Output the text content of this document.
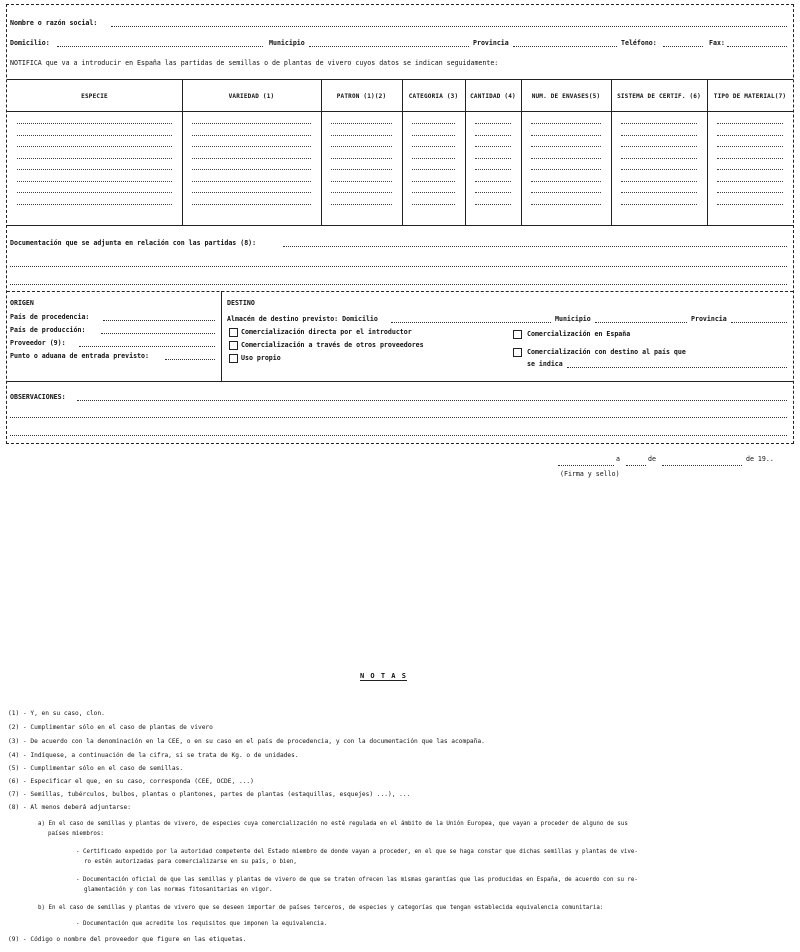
Nombre o razón social:
Domicilio:	Municipio	Provincia	Teléfono:	Fax:
NOTIFICA que va a introducir en España las partidas de semillas o de plantas de vivero cuyos datos se indican seguidamente:
ESPECIE	VARIEDAD (1)	PATRON (1)(2)	CATEGORIA (3)	CANTIDAD (4)	NUM. DE ENVASES(5)	SISTEMA DE CERTIF. (6)	TIPO DE MATERIAL(7)
Documentación que se adjunta en relación con las partidas (8):
ORIGEN
País de procedencia:
País de producción:
Proveedor (9):
Punto o aduana de entrada previsto:
DESTINO
Almacén de destino previsto: Domicilio	Municipio	Provincia
Comercialización directa por el introductor
Comercialización a través de otros proveedores
Uso propio
Comercialización en España
Comercialización con destino al país que
se indica
OBSERVACIONES:
a	de	de 19..
(Firma y sello)
N O T A S
(1) - Y, en su caso, clon.
(2) - Cumplimentar sólo en el caso de plantas de vivero
(3) - De acuerdo con la denominación en la CEE, o en su caso en el país de procedencia, y con la documentación que las acompaña.
(4) - Indíquese, a continuación de la cifra, si se trata de Kg. o de unidades.
(5) - Cumplimentar sólo en el caso de semillas.
(6) - Especificar el que, en su caso, corresponda (CEE, OCDE, ...)
(7) - Semillas, tubérculos, bulbos, plantas o plantones, partes de plantas (estaquillas, esquejes) ...), ...
(8) - Al menos deberá adjuntarse:
a) En el caso de semillas y plantas de vivero, de especies cuya comercialización no esté regulada en el ámbito de la Unión Europea, que vayan a proceder de alguno de sus
países miembros:
- Certificado expedido por la autoridad competente del Estado miembro de donde vayan a proceder, en el que se haga constar que dichas semillas y plantas de vive-
ro estén autorizadas para comercializarse en su país, o bien,
- Documentación oficial de que las semillas y plantas de vivero de que se traten ofrecen las mismas garantías que las producidas en España, de acuerdo con su re-
glamentación y con las normas fitosanitarias en vigor.
b) En el caso de semillas y plantas de vivero que se deseen importar de países terceros, de especies y categorías que tengan establecida equivalencia comunitaria:
- Documentación que acredite los requisitos que imponen la equivalencia.
(9) - Código o nombre del proveedor que figure en las etiquetas.
